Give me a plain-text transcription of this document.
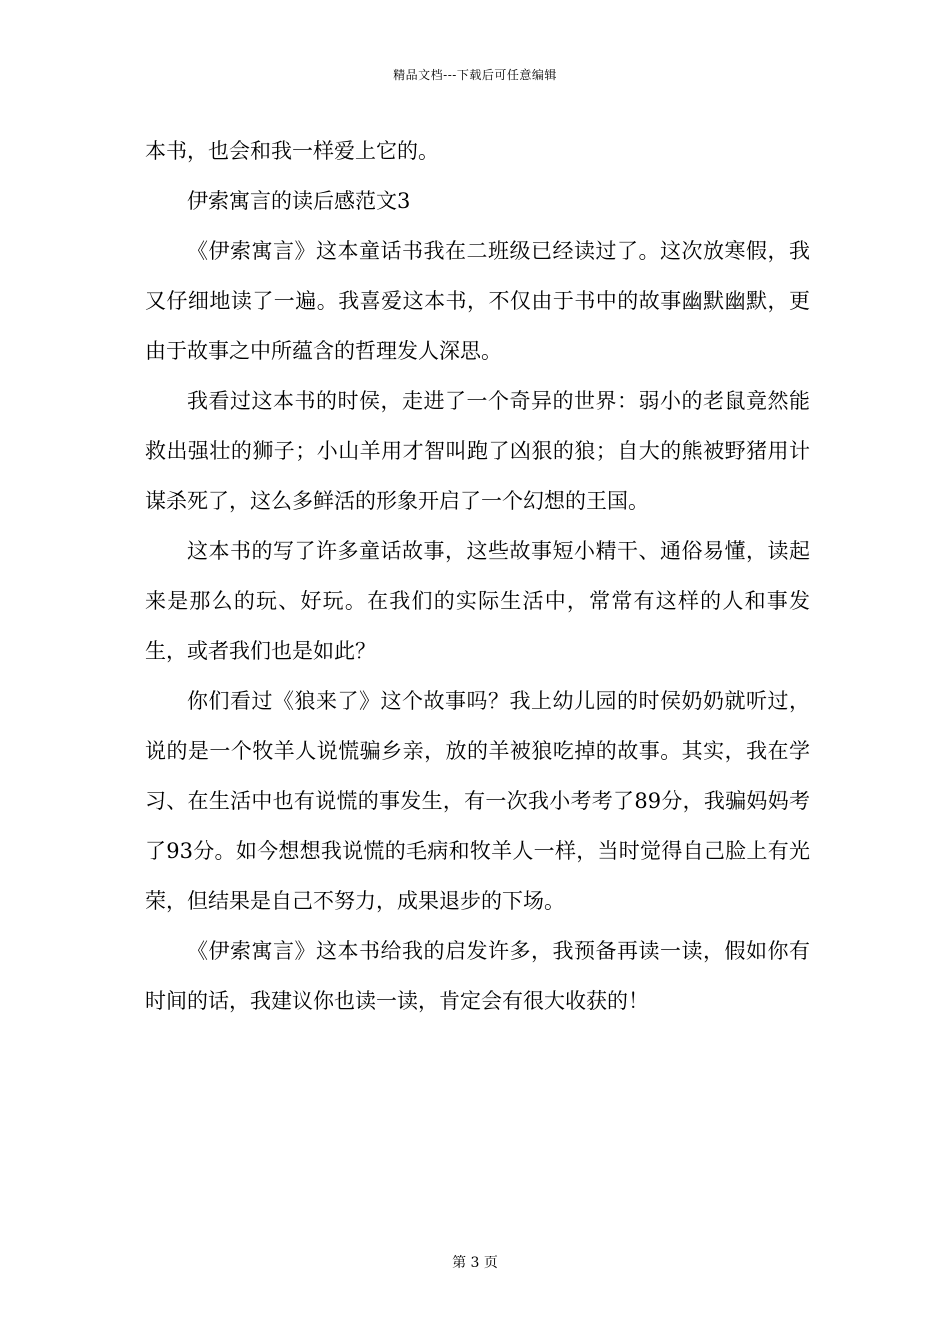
精品文档---下载后可任意编辑

本书，也会和我一样爱上它的。

伊索寓言的读后感范文3

《伊索寓言》这本童话书我在二班级已经读过了。这次放寒假，我又仔细地读了一遍。我喜爱这本书，不仅由于书中的故事幽默幽默，更由于故事之中所蕴含的哲理发人深思。

我看过这本书的时侯，走进了一个奇异的世界：弱小的老鼠竟然能救出强壮的狮子；小山羊用才智叫跑了凶狠的狼；自大的熊被野猪用计谋杀死了，这么多鲜活的形象开启了一个幻想的王国。

这本书的写了许多童话故事，这些故事短小精干、通俗易懂，读起来是那么的玩、好玩。在我们的实际生活中，常常有这样的人和事发生，或者我们也是如此？

你们看过《狼来了》这个故事吗？我上幼儿园的时侯奶奶就听过，说的是一个牧羊人说慌骗乡亲，放的羊被狼吃掉的故事。其实，我在学习、在生活中也有说慌的事发生，有一次我小考考了89分，我骗妈妈考了93分。如今想想我说慌的毛病和牧羊人一样，当时觉得自己脸上有光荣，但结果是自己不努力，成果退步的下场。

《伊索寓言》这本书给我的启发许多，我预备再读一读，假如你有时间的话，我建议你也读一读，肯定会有很大收获的！

第 3 页
